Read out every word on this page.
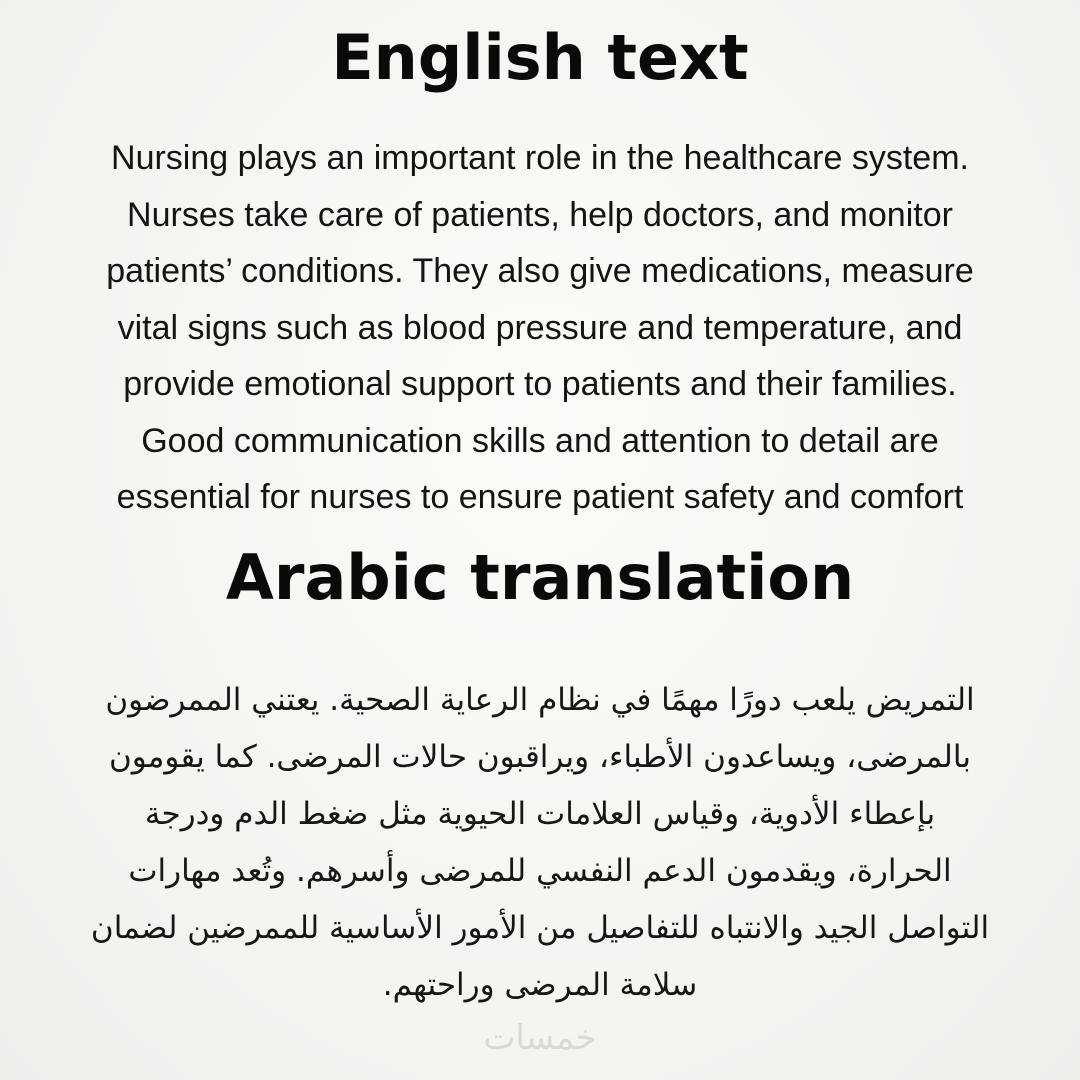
English text
Nursing plays an important role in the healthcare system.
Nurses take care of patients, help doctors, and monitor
patients’ conditions. They also give medications, measure
vital signs such as blood pressure and temperature, and
provide emotional support to patients and their families.
Good communication skills and attention to detail are
essential for nurses to ensure patient safety and comfort
Arabic translation
التمريض يلعب دورًا مهمًا في نظام الرعاية الصحية. يعتني الممرضون
بالمرضى، ويساعدون الأطباء، ويراقبون حالات المرضى. كما يقومون
بإعطاء الأدوية، وقياس العلامات الحيوية مثل ضغط الدم ودرجة
الحرارة، ويقدمون الدعم النفسي للمرضى وأسرهم. وتُعد مهارات
التواصل الجيد والانتباه للتفاصيل من الأمور الأساسية للممرضين لضمان
سلامة المرضى وراحتهم.
خمسات
